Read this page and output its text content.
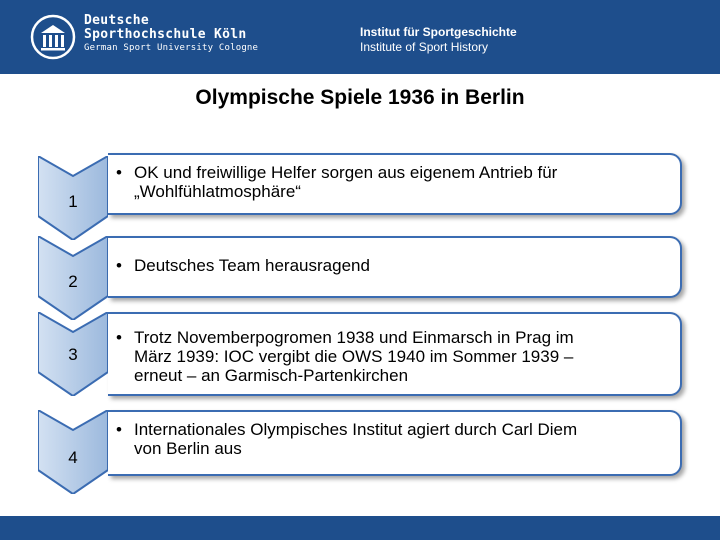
Deutsche
Sporthochschule Köln
German Sport University Cologne
Institut für Sportgeschichte
Institute of Sport History
Olympische Spiele 1936 in Berlin
1
• OK und freiwillige Helfer sorgen aus eigenem Antrieb für
„Wohlfühlatmosphäre“
2
• Deutsches Team herausragend
3
• Trotz Novemberpogromen 1938 und Einmarsch in Prag im
März 1939: IOC vergibt die OWS 1940 im Sommer 1939 –
erneut – an Garmisch-Partenkirchen
4
• Internationales Olympisches Institut agiert durch Carl Diem
von Berlin aus
